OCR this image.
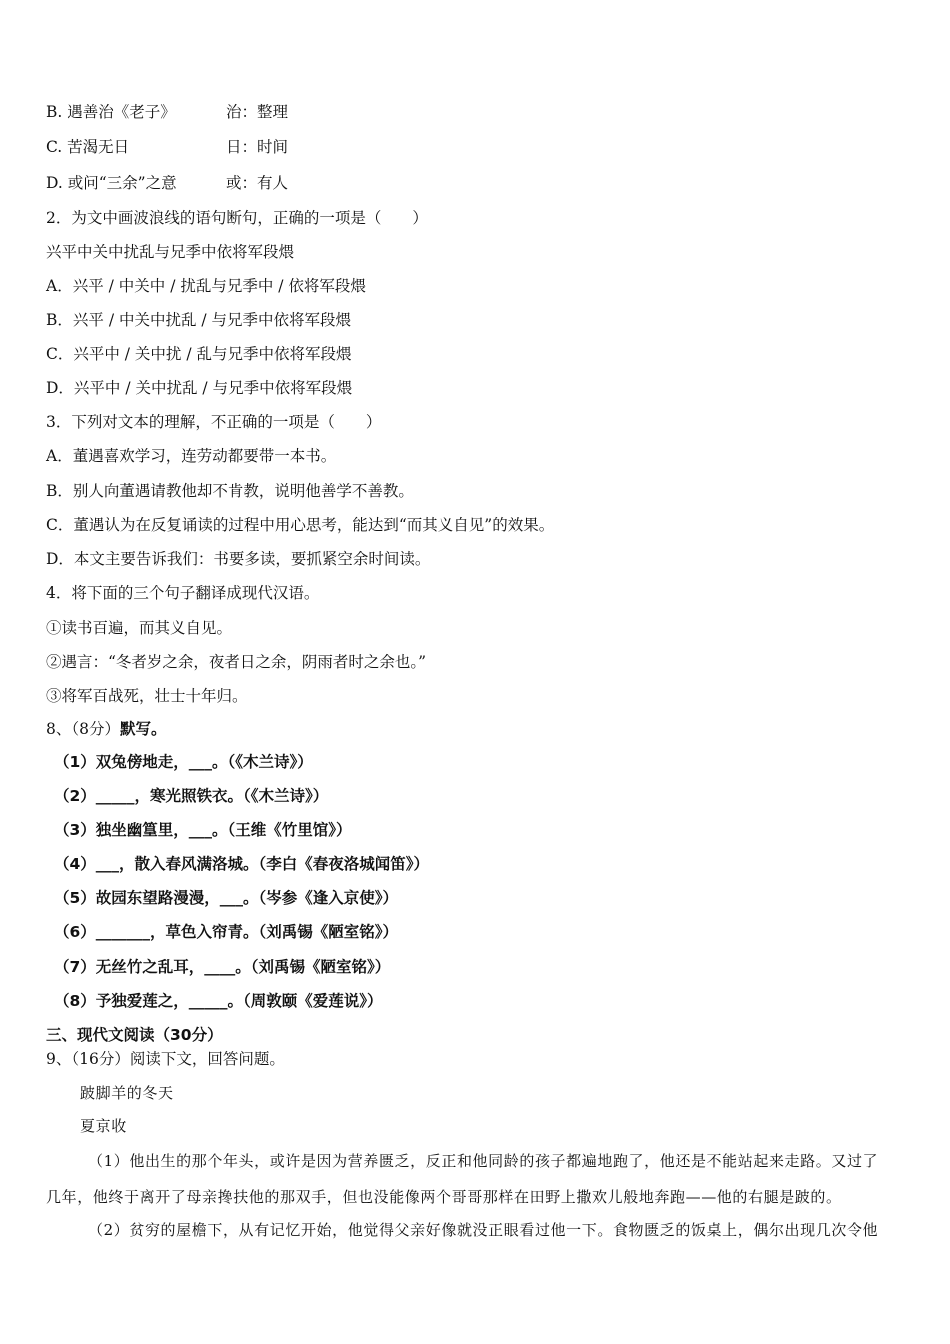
B. 遇善治《老子》	治：整理
C. 苦渴无日	日：时间
D. 或问“三余”之意	或：有人
2．为文中画波浪线的语句断句，正确的一项是（　　）
兴平中关中扰乱与兄季中依将军段煨
A．兴平 / 中关中 / 扰乱与兄季中 / 依将军段煨
B．兴平 / 中关中扰乱 / 与兄季中依将军段煨
C．兴平中 / 关中扰 / 乱与兄季中依将军段煨
D．兴平中 / 关中扰乱 / 与兄季中依将军段煨
3．下列对文本的理解，不正确的一项是（　　）
A．董遇喜欢学习，连劳动都要带一本书。
B．别人向董遇请教他却不肯教，说明他善学不善教。
C．董遇认为在反复诵读的过程中用心思考，能达到“而其义自见”的效果。
D．本文主要告诉我们：书要多读，要抓紧空余时间读。
4．将下面的三个句子翻译成现代汉语。
①读书百遍，而其义自见。
②遇言：“冬者岁之余，夜者日之余，阴雨者时之余也。”
③将军百战死，壮士十年归。
8、（8分）默写。
（1）双兔傍地走，___。（《木兰诗》）
（2）_____，寒光照铁衣。（《木兰诗》）
（3）独坐幽篁里，___。（王维《竹里馆》）
（4）___，散入春风满洛城。（李白《春夜洛城闻笛》）
（5）故园东望路漫漫，___。（岑参《逢入京使》）
（6）_______，草色入帘青。（刘禹锡《陋室铭》）
（7）无丝竹之乱耳，____。（刘禹锡《陋室铭》）
（8）予独爱莲之，_____。（周敦颐《爱莲说》）
三、现代文阅读（30分）
9、（16分）阅读下文，回答问题。
跛脚羊的冬天
夏京收
（1）他出生的那个年头，或许是因为营养匮乏，反正和他同龄的孩子都遍地跑了，他还是不能站起来走路。又过了
几年，他终于离开了母亲搀扶他的那双手，但也没能像两个哥哥那样在田野上撒欢儿般地奔跑——他的右腿是跛的。
（2）贫穷的屋檐下，从有记忆开始，他觉得父亲好像就没正眼看过他一下。食物匮乏的饭桌上，偶尔出现几次令他
